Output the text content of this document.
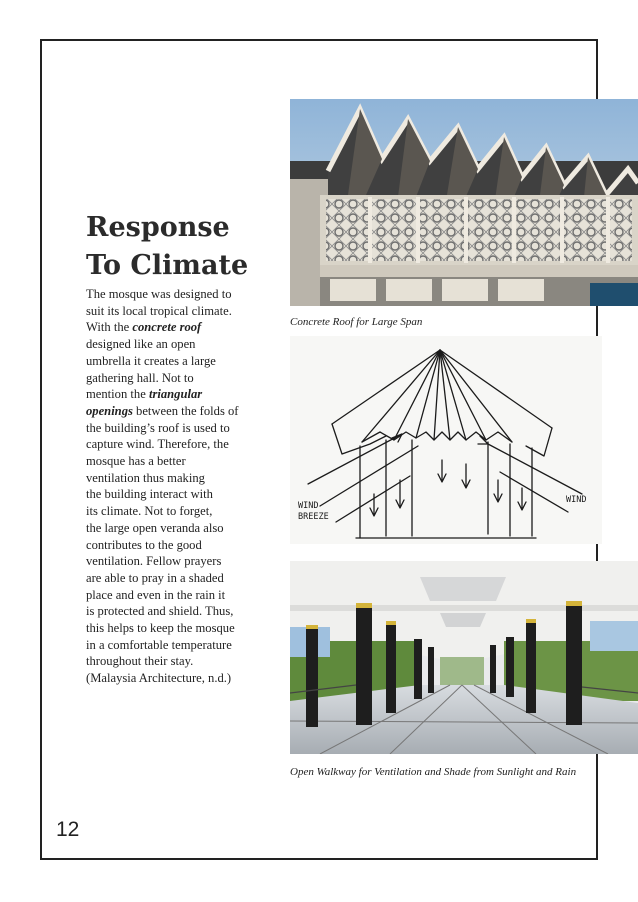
Response
To Climate
The mosque was designed to
suit its local tropical climate.
With the concrete roof
designed like an open
umbrella it creates a large
gathering hall. Not to
mention the triangular
openings between the folds of
the building’s roof is used to
capture wind. Therefore, the
mosque has a better
ventilation thus making
the building interact with
its climate. Not to forget,
the large open veranda also
contributes to the good
ventilation. Fellow prayers
are able to pray in a shaded
place and even in the rain it
is protected and shield. Thus,
this helps to keep the mosque
in a comfortable temperature
throughout their stay.
(Malaysia Architecture, n.d.)
Concrete Roof for Large Span
WIND
BREEZE
WIND
Open Walkway for Ventilation and Shade from Sunlight and Rain
12
